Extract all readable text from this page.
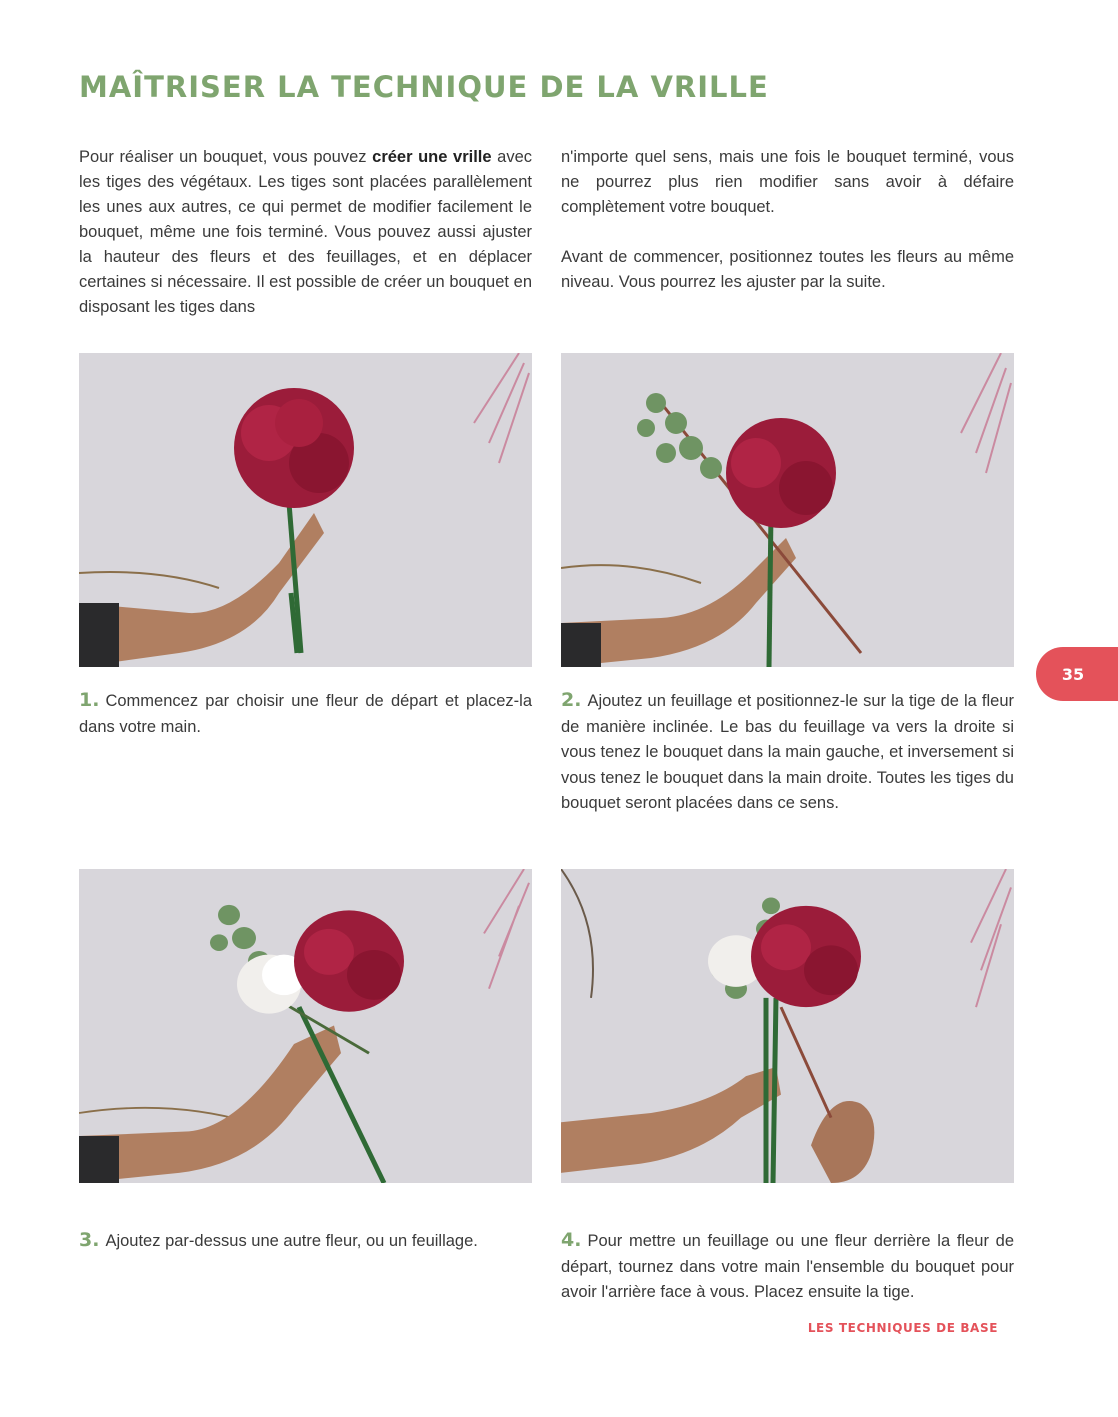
MAÎTRISER LA TECHNIQUE DE LA VRILLE

Pour réaliser un bouquet, vous pouvez créer une vrille avec les tiges des végétaux. Les tiges sont placées parallèlement les unes aux autres, ce qui permet de modifier facilement le bouquet, même une fois terminé. Vous pouvez aussi ajuster la hauteur des fleurs et des feuillages, et en déplacer certaines si nécessaire. Il est possible de créer un bouquet en disposant les tiges dans

n'importe quel sens, mais une fois le bouquet terminé, vous ne pourrez plus rien modifier sans avoir à défaire complètement votre bouquet.

Avant de commencer, positionnez toutes les fleurs au même niveau. Vous pourrez les ajuster par la suite.

1. Commencez par choisir une fleur de départ et placez-la dans votre main.
2. Ajoutez un feuillage et positionnez-le sur la tige de la fleur de manière inclinée. Le bas du feuillage va vers la droite si vous tenez le bouquet dans la main gauche, et inversement si vous tenez le bouquet dans la main droite. Toutes les tiges du bouquet seront placées dans ce sens.
3. Ajoutez par-dessus une autre fleur, ou un feuillage.	4. Pour mettre un feuillage ou une fleur derrière la fleur de départ, tournez dans votre main l'ensemble du bouquet pour avoir l'arrière face à vous. Placez ensuite la tige.
35
LES TECHNIQUES DE BASE
